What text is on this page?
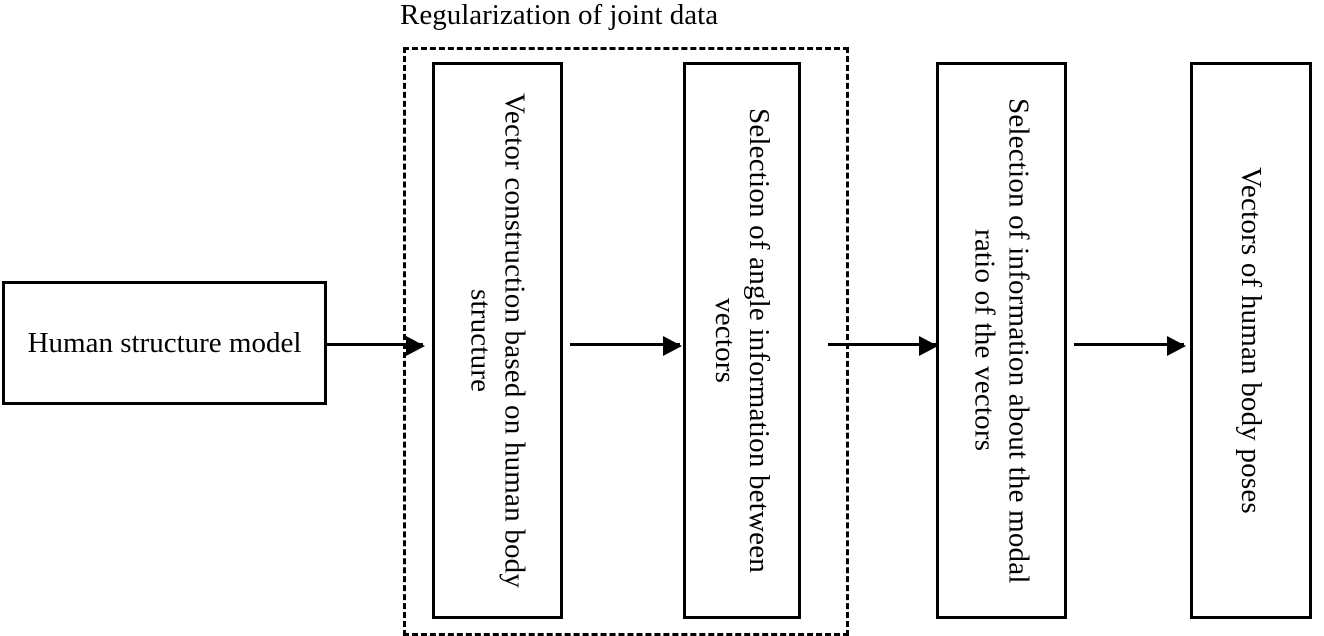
Regularization of joint data
Human structure model	Vector construction based on human body structure	Selection of angle information between vectors	Selection of information about the modal ratio of the vectors	Vectors of human body poses
